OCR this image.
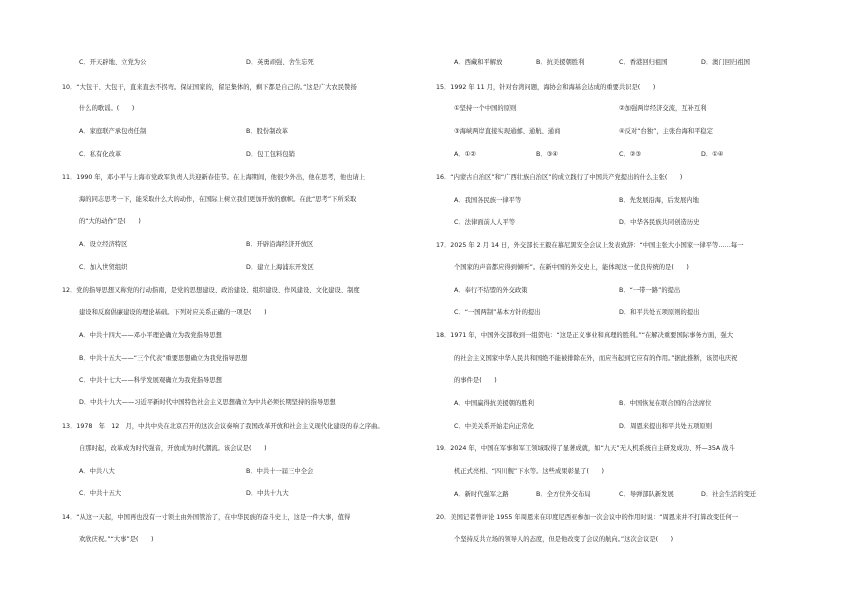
C．开天辟地、立党为公	D．英勇顽强、舍生忘死
10．“大包干、大包干，直来直去不拐弯。保证国家的，留足集体的，剩下都是自己的。”这是广大农民赞扬
什么的歌谣。(　　)
A．家庭联产承包责任制	B．股份制改革
C．私有化改革	D．包工包料包销
11．1990 年，邓小平与上海市党政军负责人共迎新春佳节。在上海期间，他很少外出，他在思考，他也请上
海的同志思考一下，能采取什么大的动作，在国际上树立我们更加开放的旗帜。在此“思考”下所采取
的“大的动作”是(　　)
A．设立经济特区	B．开辟沿海经济开放区
C．加入世贸组织	D．建立上海浦东开发区
12．党的指导思想又称党的行动指南，是党的思想建设、政治建设、组织建设、作风建设、文化建设、制度
建设和反腐倡廉建设的理论基础。下列对应关系正确的一项是(　　)
A．中共十四大——邓小平理论确立为我党指导思想
B．中共十五大——“三个代表”重要思想确立为我党指导思想
C．中共十七大——科学发展观确立为我党指导思想
D．中共十九大——习近平新时代中国特色社会主义思想确立为中共必须长期坚持的指导思想
13．1978　年　12　月，中共中央在北京召开的这次会议奏响了我国改革开放和社会主义现代化建设的春之序曲。
自那时起，改革成为时代强音，开放成为时代潮流。该会议是(　　)
A．中共八大	B．中共十一届三中全会
C．中共十五大	D．中共十九大
14．“从这一天起，中国再也没有一寸领土由外国管治了，在中华民族的奋斗史上，这是一件大事，值得
欢欣庆祝。”“大事”是(　　)
A．西藏和平解放	B．抗美援朝胜利	C．香港回归祖国	D．澳门回归祖国
15．1992 年 11 月，针对台湾问题，海协会和海基会达成的重要共识是(　　)
①坚持一个中国的原则	②加强两岸经济交流，互补互利
③海峡两岸直接实现通邮、通航、通商	④反对“台独”，主张台海和平稳定
A．①②	B．③④	C．②③	D．①④
16．“内蒙古自治区”和“广西壮族自治区”的成立践行了中国共产党提出的什么主张(　　)
A．我国各民族一律平等	B．先发展沿海，后发展内地
C．法律面前人人平等	D．中华各民族共同创造历史
17．2025 年 2 月 14 日，外交部长王毅在慕尼黑安全会议上发表致辞：“中国主张大小国家一律平等……每一
个国家的声音都应得到倾听”。在新中国的外交史上，能体现这一优良传统的是(　　)
A．奉行不结盟的外交政策	B．“一带一路”的提出
C．“一国两制”基本方针的提出	D．和平共处五项原则的提出
18．1971 年，中国外交部收到一组贺电：“这是正义事业和真理的胜利。”“在解决重要国际事务方面，强大
的社会主义国家中华人民共和国绝不能被排除在外，而应当起到它应有的作用。”据此推断，该贺电庆祝
的事件是(　　)
A．中国赢得抗美援朝的胜利	B．中国恢复在联合国的合法席位
C．中美关系开始走向正常化	D．周恩来提出和平共处五项原则
19．2024 年，中国在军事和军工领域取得了显著成就，如“九天”无人机系统自主研发成功、歼—35A 战斗
机正式亮相、“四川舰”下水等。这些成果彰显了(　　)
A．新时代强军之路	B．全方位外交布局	C．导弹部队新发展	D．社会生活的变迁
20．美国记者曾评论 1955 年周恩来在印度尼西亚参加一次会议中的作用时说：“周恩来并不打算改变任何一
个坚持反共立场的领导人的态度，但是他改变了会议的航向。”这次会议是(　　)
